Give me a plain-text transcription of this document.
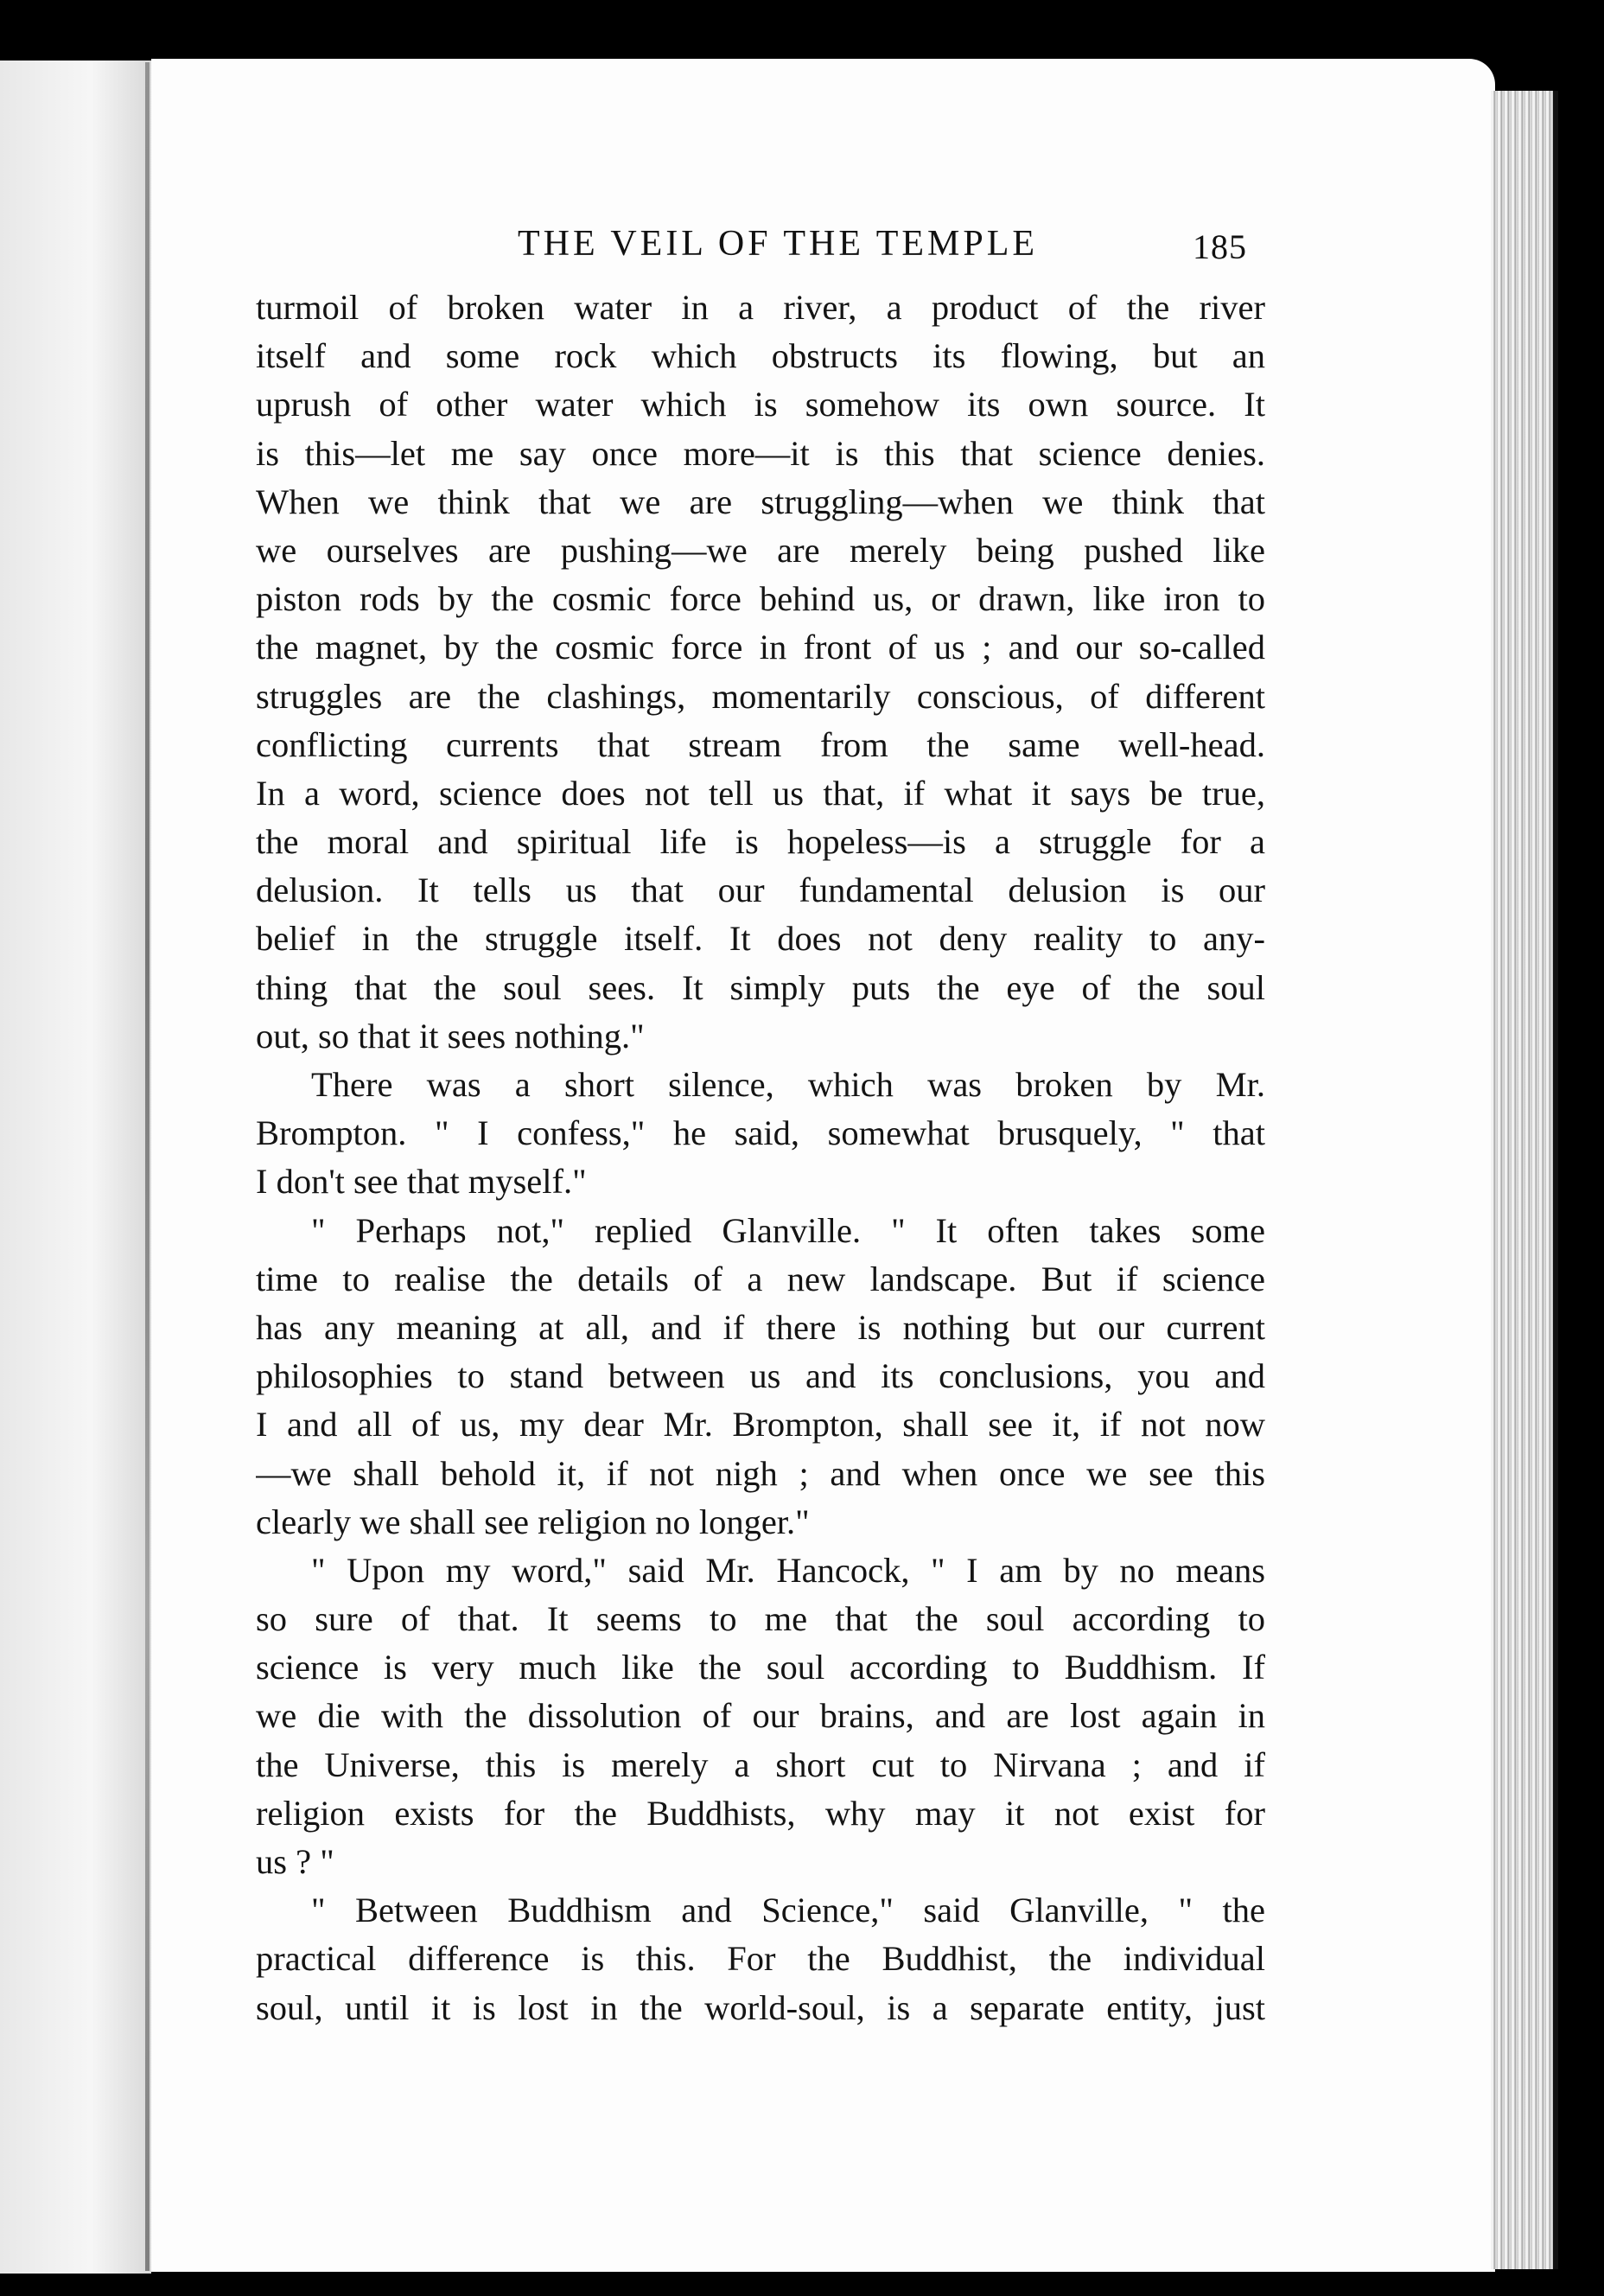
THE VEIL OF THE TEMPLE	185
turmoil of broken water in a river, a product of the river
itself and some rock which obstructs its flowing, but an
uprush of other water which is somehow its own source. It
is this—let me say once more—it is this that science denies.
When we think that we are struggling—when we think that
we ourselves are pushing—we are merely being pushed like
piston rods by the cosmic force behind us, or drawn, like iron to
the magnet, by the cosmic force in front of us ; and our so-called
struggles are the clashings, momentarily conscious, of different
conflicting currents that stream from the same well-head.
In a word, science does not tell us that, if what it says be true,
the moral and spiritual life is hopeless—is a struggle for a
delusion. It tells us that our fundamental delusion is our
belief in the struggle itself. It does not deny reality to any-
thing that the soul sees. It simply puts the eye of the soul
out, so that it sees nothing."
There was a short silence, which was broken by Mr.
Brompton. " I confess," he said, somewhat brusquely, " that
I don't see that myself."
" Perhaps not," replied Glanville. " It often takes some
time to realise the details of a new landscape. But if science
has any meaning at all, and if there is nothing but our current
philosophies to stand between us and its conclusions, you and
I and all of us, my dear Mr. Brompton, shall see it, if not now
—we shall behold it, if not nigh ; and when once we see this
clearly we shall see religion no longer."
" Upon my word," said Mr. Hancock, " I am by no means
so sure of that. It seems to me that the soul according to
science is very much like the soul according to Buddhism. If
we die with the dissolution of our brains, and are lost again in
the Universe, this is merely a short cut to Nirvana ; and if
religion exists for the Buddhists, why may it not exist for
us ? "
" Between Buddhism and Science," said Glanville, " the
practical difference is this. For the Buddhist, the individual
soul, until it is lost in the world-soul, is a separate entity, just
